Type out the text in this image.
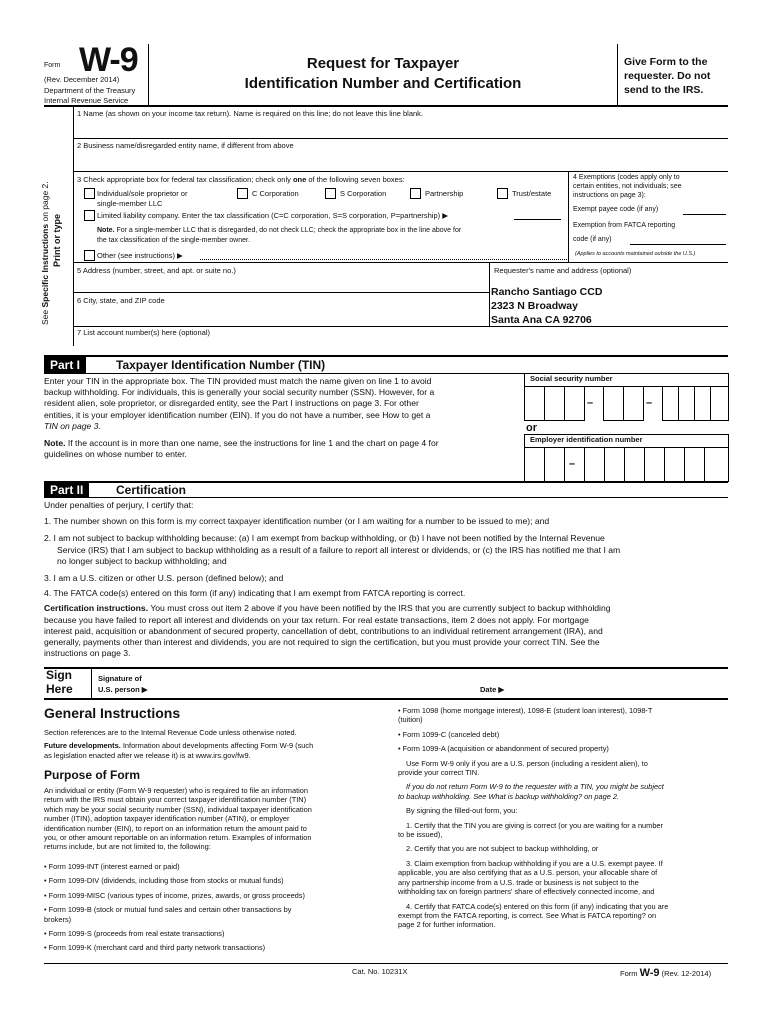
Form W-9
(Rev. December 2014)
Department of the Treasury
Internal Revenue Service
Request for Taxpayer
Identification Number and Certification
Give Form to the
requester. Do not
send to the IRS.
See Specific Instructions on page 2.
Print or type
1 Name (as shown on your income tax return). Name is required on this line; do not leave this line blank.
2 Business name/disregarded entity name, if different from above
3 Check appropriate box for federal tax classification; check only one of the following seven boxes:
Individual/sole proprietor or
single-member LLC
C Corporation	S Corporation	Partnership	Trust/estate
Limited liability company. Enter the tax classification (C=C corporation, S=S corporation, P=partnership) ▶
Note. For a single-member LLC that is disregarded, do not check LLC; check the appropriate box in the line above for
the tax classification of the single-member owner.
Other (see instructions) ▶
4 Exemptions (codes apply only to
certain entities, not individuals; see
instructions on page 3):
Exempt payee code (if any)
Exemption from FATCA reporting
code (if any)
(Applies to accounts maintained outside the U.S.)
5 Address (number, street, and apt. or suite no.)	Requester's name and address (optional)
Rancho Santiago CCD
2323 N Broadway
Santa Ana CA 92706
6 City, state, and ZIP code
7 List account number(s) here (optional)
Part I	Taxpayer Identification Number (TIN)

Enter your TIN in the appropriate box. The TIN provided must match the name given on line 1 to avoid

backup withholding. For individuals, this is generally your social security number (SSN). However, for a

resident alien, sole proprietor, or disregarded entity, see the Part I instructions on page 3. For other

entities, it is your employer identification number (EIN). If you do not have a number, see How to get a

TIN on page 3.

Note. If the account is in more than one name, see the instructions for line 1 and the chart on page 4 for

guidelines on whose number to enter.

Social security number
–	–
or
Employer identification number
–
Part II	Certification

Under penalties of perjury, I certify that:

1. The number shown on this form is my correct taxpayer identification number (or I am waiting for a number to be issued to me); and

2. I am not subject to backup withholding because: (a) I am exempt from backup withholding, or (b) I have not been notified by the Internal Revenue

Service (IRS) that I am subject to backup withholding as a result of a failure to report all interest or dividends, or (c) the IRS has notified me that I am

no longer subject to backup withholding; and

3. I am a U.S. citizen or other U.S. person (defined below); and

4. The FATCA code(s) entered on this form (if any) indicating that I am exempt from FATCA reporting is correct.

Certification instructions. You must cross out item 2 above if you have been notified by the IRS that you are currently subject to backup withholding

because you have failed to report all interest and dividends on your tax return. For real estate transactions, item 2 does not apply. For mortgage

interest paid, acquisition or abandonment of secured property, cancellation of debt, contributions to an individual retirement arrangement (IRA), and

generally, payments other than interest and dividends, you are not required to sign the certification, but you must provide your correct TIN. See the

instructions on page 3.

Sign
Here
Signature of
U.S. person ▶	Date ▶
General Instructions

Section references are to the Internal Revenue Code unless otherwise noted.

Future developments. Information about developments affecting Form W-9 (such
as legislation enacted after we release it) is at www.irs.gov/fw9.

Purpose of Form
An individual or entity (Form W-9 requester) who is required to file an information
return with the IRS must obtain your correct taxpayer identification number (TIN)
which may be your social security number (SSN), individual taxpayer identification
number (ITIN), adoption taxpayer identification number (ATIN), or employer
identification number (EIN), to report on an information return the amount paid to
you, or other amount reportable on an information return. Examples of information
returns include, but are not limited to, the following:
• Form 1099-INT (interest earned or paid)
• Form 1099-DIV (dividends, including those from stocks or mutual funds)
• Form 1099-MISC (various types of income, prizes, awards, or gross proceeds)
• Form 1099-B (stock or mutual fund sales and certain other transactions by
brokers)
• Form 1099-S (proceeds from real estate transactions)
• Form 1099-K (merchant card and third party network transactions)
• Form 1098 (home mortgage interest), 1098-E (student loan interest), 1098-T
(tuition)
• Form 1099-C (canceled debt)
• Form 1099-A (acquisition or abandonment of secured property)
Use Form W-9 only if you are a U.S. person (including a resident alien), to
provide your correct TIN.
If you do not return Form W-9 to the requester with a TIN, you might be subject
to backup withholding. See What is backup withholding? on page 2.
By signing the filled-out form, you:
1. Certify that the TIN you are giving is correct (or you are waiting for a number
to be issued),
2. Certify that you are not subject to backup withholding, or
3. Claim exemption from backup withholding if you are a U.S. exempt payee. If
applicable, you are also certifying that as a U.S. person, your allocable share of
any partnership income from a U.S. trade or business is not subject to the
withholding tax on foreign partners' share of effectively connected income, and
4. Certify that FATCA code(s) entered on this form (if any) indicating that you are
exempt from the FATCA reporting, is correct. See What is FATCA reporting? on
page 2 for further information.
Cat. No. 10231X	Form W-9 (Rev. 12-2014)
